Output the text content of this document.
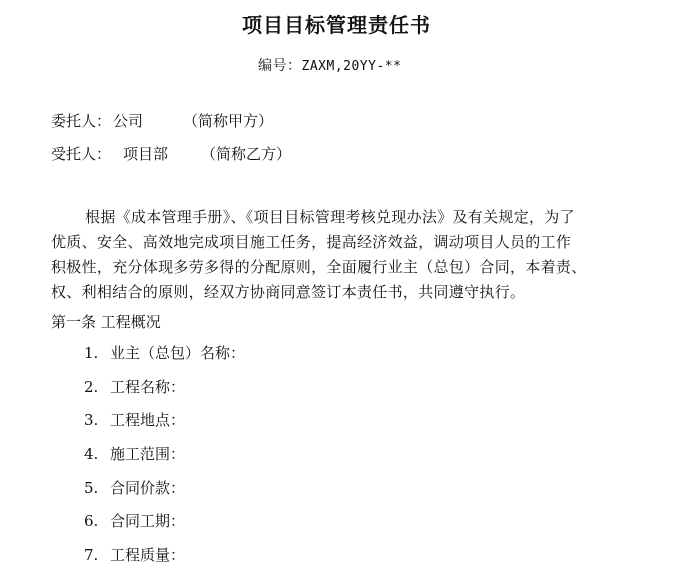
项目目标管理责任书
编号：ZAXM,20YY-**
委托人： 公司	（简称甲方）
受托人： 项目部 （简称乙方）
根据《成本管理手册》、《项目目标管理考核兑现办法》及有关规定，为了
优质、安全、高效地完成项目施工任务，提高经济效益，调动项目人员的工作
积极性，充分体现多劳多得的分配原则，全面履行业主（总包）合同，本着责、
权、利相结合的原则，经双方协商同意签订本责任书，共同遵守执行。
第一条 工程概况
1. 业主（总包）名称：
2. 工程名称：
3. 工程地点：
4. 施工范围：
5. 合同价款：
6. 合同工期：
7. 工程质量：
